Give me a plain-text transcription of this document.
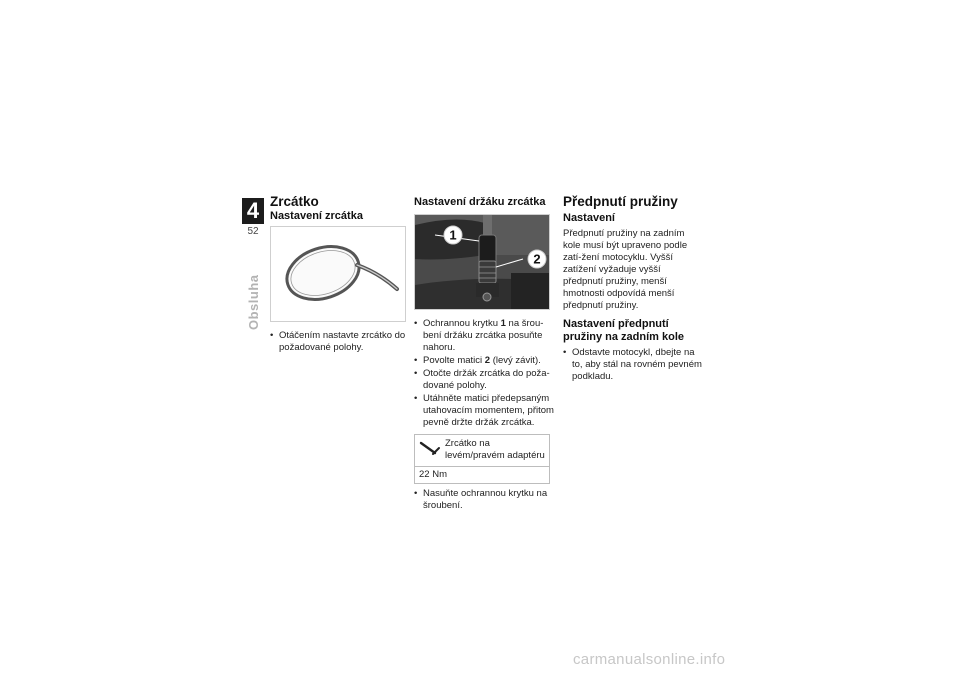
4
52
Obsluha
Zrcátko
Nastavení zrcátka
• Otáčením nastavte zrcátko do požadované polohy.
Nastavení držáku zrcátka
1
2
• Ochrannou krytku 1 na šrou-bení držáku zrcátka posuňte nahoru.
• Povolte matici 2 (levý závit).
• Otočte držák zrcátka do poža-dované polohy.
• Utáhněte matici předepsaným utahovacím momentem, přitom pevně držte držák zrcátka.
Zrcátko na levém/pravém adaptéru
22 Nm
• Nasuňte ochrannou krytku na šroubení.
Předpnutí pružiny
Nastavení

Předpnutí pružiny na zadním kole musí být upraveno podle zatí-žení motocyklu. Vyšší zatížení vyžaduje vyšší předpnutí pružiny, menší hmotnosti odpovídá menší předpnutí pružiny.

Nastavení předpnutí pružiny na zadním kole
• Odstavte motocykl, dbejte na to, aby stál na rovném pevném podkladu.
carmanualsonline.info
